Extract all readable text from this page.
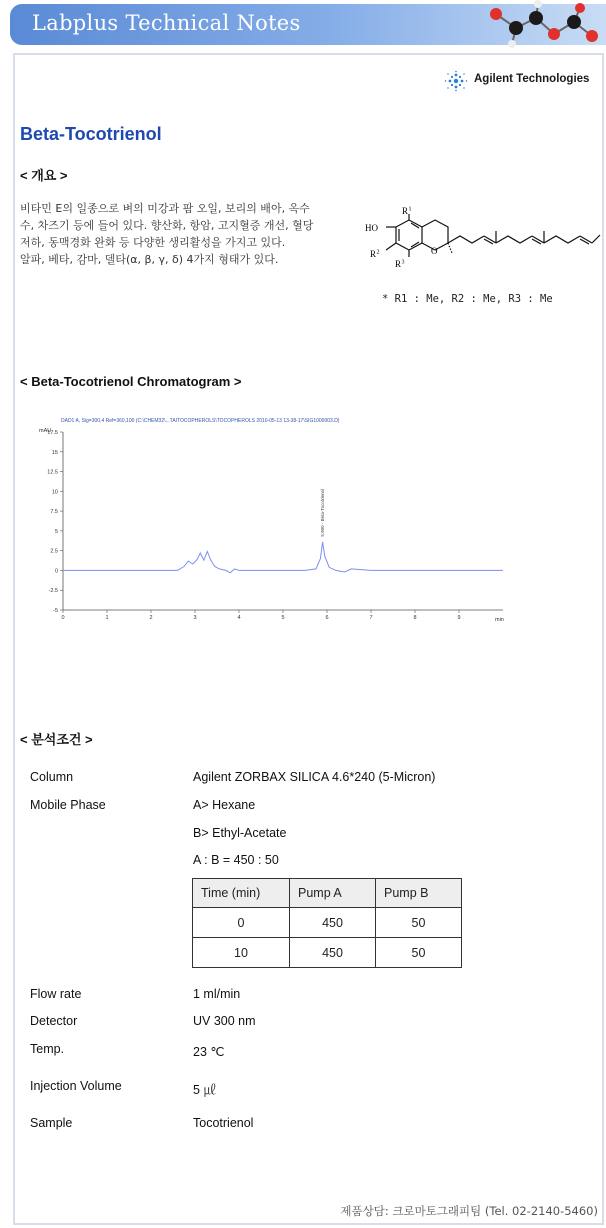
Labplus Technical Notes
Agilent Technologies
Beta-Tocotrienol
< 개요 >
비타민 E의 일종으로 벼의 미강과 팜 오일, 보리의 배아, 옥수
수, 차즈기 등에 들어 있다. 향산화, 항암, 고지혈증 개선, 혈당
저하, 동맥경화 완화 등 다양한 생리활성을 가지고 있다.
알파, 베타, 감마, 델타(α, β, γ, δ) 4가지 형태가 있다.
HO
R 1
R 2
R 3
O
* R1 : Me, R2 : Me, R3 : Me
< Beta-Tocotrienol Chromatogram >
DAD1 A, Sig=300,4 Ref=360,100 (C:\CHEM32\...TAITOCOPHEROLS\TOCOPHEROLS 2010-05-13 13-38-17\SIG1000003.D)
mAU
min
-5
-2.5
0
2.5
5
7.5
10
12.5
15
17.5
0	1	2	3	4	5	6	7	8	9
5.900 - Beta-Tocotrienol
< 분석조건 >
Column	Agilent ZORBAX SILICA 4.6*240 (5-Micron)
Mobile Phase	A> Hexane
B> Ethyl-Acetate
A : B = 450 : 50
Time (min)	Pump A	Pump B
0	450	50
10	450	50
Flow rate	1 ml/min
Detector	UV 300 nm
Temp.	23 ℃
Injection Volume	5 ㎕
Sample	Tocotrienol
제품상담: 크로마토그래피팀 (Tel. 02-2140-5460)
